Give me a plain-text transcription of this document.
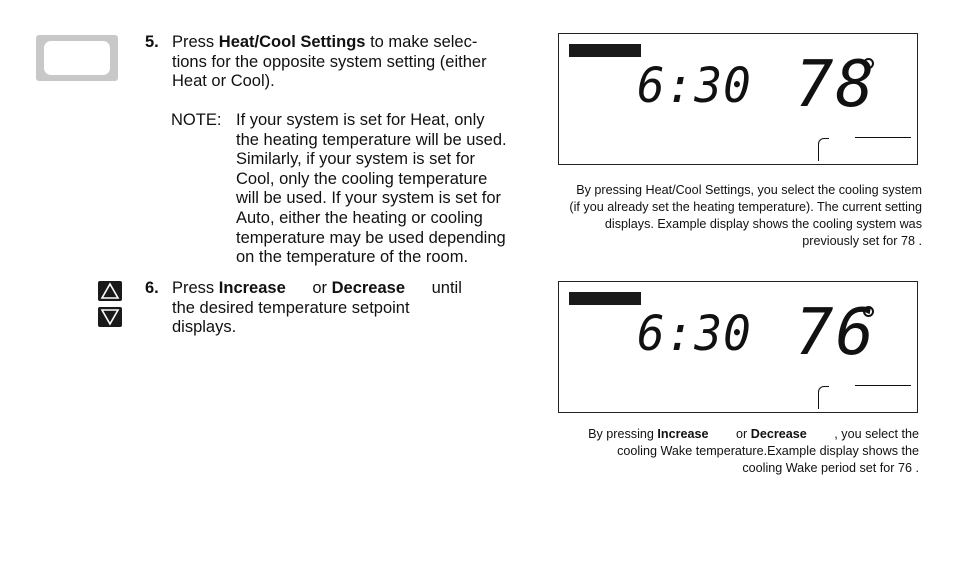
5. Press Heat/Cool Settings to make selec-
tions for the opposite system setting (either
Heat or Cool).
NOTE: If your system is set for Heat, only
the heating temperature will be used.
Similarly, if your system is set for
Cool, only the cooling temperature
will be used. If your system is set for
Auto, either the heating or cooling
temperature may be used depending
on the temperature of the room.
6. Press Increase or Decrease until
the desired temperature setpoint
displays.
6:30 78
By pressing Heat/Cool Settings, you select the cooling system
(if you already set the heating temperature). The current setting
displays. Example display shows the cooling system was
previously set for 78 .
6:30 76
By pressing Increase or Decrease , you select the
cooling Wake temperature.Example display shows the
cooling Wake period set for 76 .
